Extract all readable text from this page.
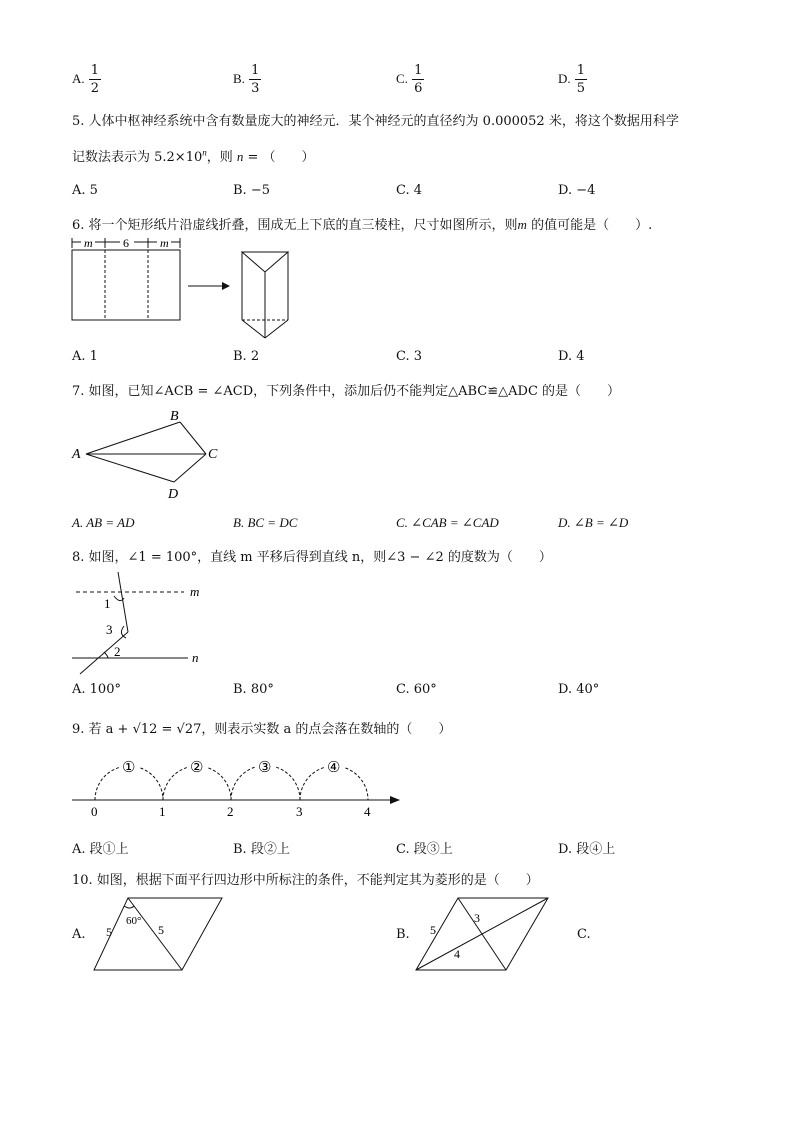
A. $\frac{1}{2}$	B. $\frac{1}{3}$	C. $\frac{1}{6}$	D. $\frac{1}{5}$
5. 人体中枢神经系统中含有数量庞大的神经元．某个神经元的直径约为 0.000052 米，将这个数据用科学
记数法表示为 $5.2\times 10^n$，则 n = （　　）
A. 5	B. −5	C. 4	D. −4
6. 将一个矩形纸片沿虚线折叠，围成无上下底的直三棱柱，尺寸如图所示，则m 的值可能是（　　）.
m	6	m
A. 1	B. 2	C. 3	D. 4
7. 如图，已知∠ACB = ∠ACD，下列条件中，添加后仍不能判定△ABC≌△ADC 的是（　　）
A
B
C
D
A. AB = AD	B. BC = DC	C. ∠CAB = ∠CAD	D. ∠B = ∠D
8. 如图，∠1 = 100°，直线 m 平移后得到直线 n，则∠3 − ∠2 的度数为（　　）
m
n
1
3
2
A. 100°	B. 80°	C. 60°	D. 40°
9. 若 a + √12 = √27，则表示实数 a 的点会落在数轴的（　　）
①	②	③	④
0	1	2	3	4
A. 段①上	B. 段②上	C. 段③上	D. 段④上
10. 如图，根据下面平行四边形中所标注的条件，不能判定其为菱形的是（　　）
A. 5	5
60°
B. 5
3
4
C.
